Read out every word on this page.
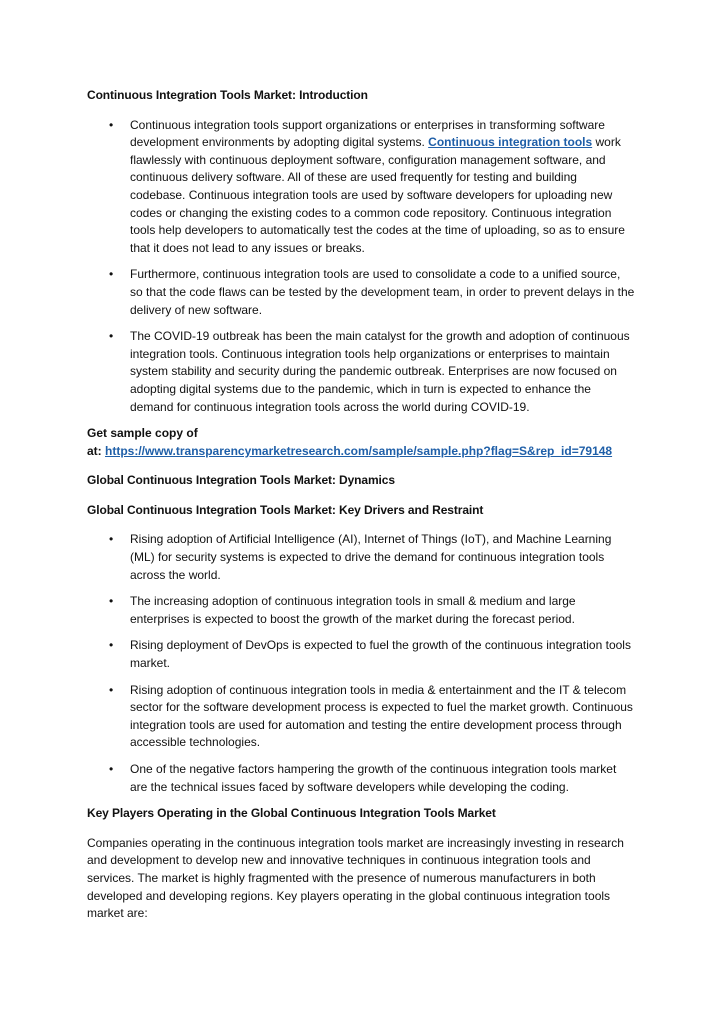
Continuous Integration Tools Market: Introduction

• Continuous integration tools support organizations or enterprises in transforming software development environments by adopting digital systems. Continuous integration tools work flawlessly with continuous deployment software, configuration management software, and continuous delivery software. All of these are used frequently for testing and building codebase. Continuous integration tools are used by software developers for uploading new codes or changing the existing codes to a common code repository. Continuous integration tools help developers to automatically test the codes at the time of uploading, so as to ensure that it does not lead to any issues or breaks.
• Furthermore, continuous integration tools are used to consolidate a code to a unified source, so that the code flaws can be tested by the development team, in order to prevent delays in the delivery of new software.
• The COVID-19 outbreak has been the main catalyst for the growth and adoption of continuous integration tools. Continuous integration tools help organizations or enterprises to maintain system stability and security during the pandemic outbreak. Enterprises are now focused on adopting digital systems due to the pandemic, which in turn is expected to enhance the demand for continuous integration tools across the world during COVID-19.
Get sample copy of
at: https://www.transparencymarketresearch.com/sample/sample.php?flag=S&rep_id=79148

Global Continuous Integration Tools Market: Dynamics

Global Continuous Integration Tools Market: Key Drivers and Restraint

• Rising adoption of Artificial Intelligence (AI), Internet of Things (IoT), and Machine Learning (ML) for security systems is expected to drive the demand for continuous integration tools across the world.
• The increasing adoption of continuous integration tools in small & medium and large enterprises is expected to boost the growth of the market during the forecast period.
• Rising deployment of DevOps is expected to fuel the growth of the continuous integration tools market.
• Rising adoption of continuous integration tools in media & entertainment and the IT & telecom sector for the software development process is expected to fuel the market growth. Continuous integration tools are used for automation and testing the entire development process through accessible technologies.
• One of the negative factors hampering the growth of the continuous integration tools market are the technical issues faced by software developers while developing the coding.

Key Players Operating in the Global Continuous Integration Tools Market

Companies operating in the continuous integration tools market are increasingly investing in research and development to develop new and innovative techniques in continuous integration tools and services. The market is highly fragmented with the presence of numerous manufacturers in both developed and developing regions. Key players operating in the global continuous integration tools market are:
